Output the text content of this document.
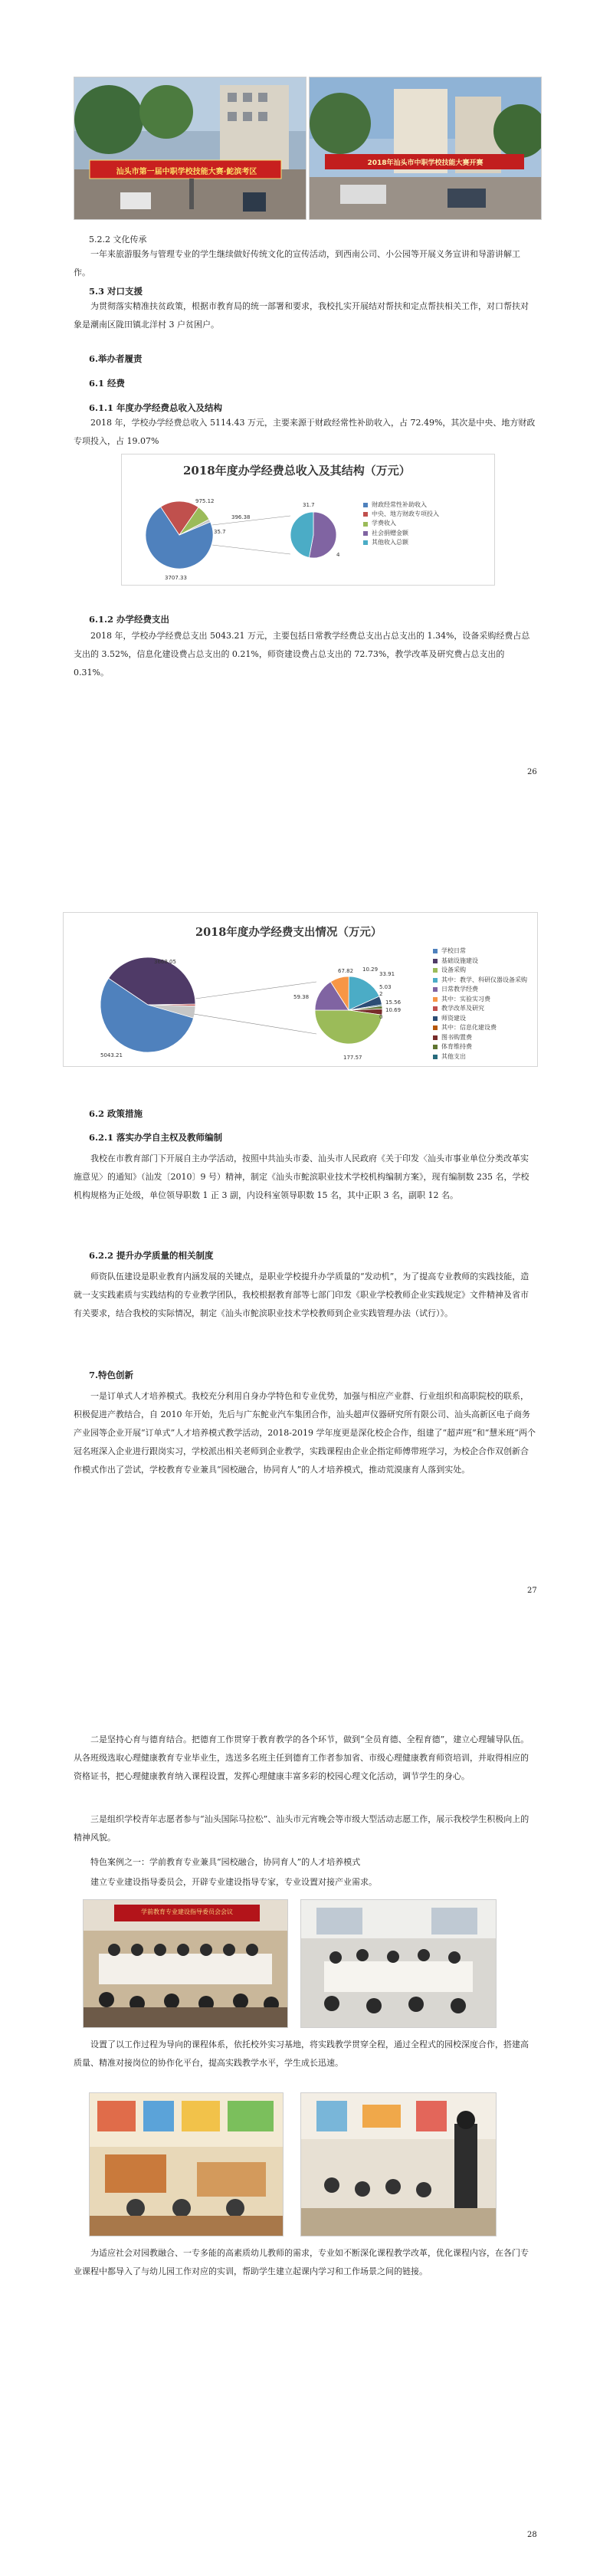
汕头市第一届中职学校技能大赛·鮀滨考区
2018年汕头市中职学校技能大赛开赛

5.2.2 文化传承

一年来旅游服务与管理专业的学生继续做好传统文化的宣传活动，到西南公司、小公园等开展义务宣讲和导游讲解工作。

5.3 对口支援

为贯彻落实精准扶贫政策，根据市教育局的统一部署和要求，我校扎实开展结对帮扶和定点帮扶相关工作，对口帮扶对象是潮南区陇田镇北洋村 3 户贫困户。

6.举办者履责

6.1 经费

6.1.1 年度办学经费总收入及结构

2018 年，学校办学经费总收入 5114.43 万元，主要来源于财政经常性补助收入，占 72.49%，其次是中央、地方财政专项投入，占 19.07%

2018年度办学经费总收入及其结构（万元）
3707.33
975.12
396.38
35.7
31.7
4
财政经常性补助收入
中央、地方财政专项投入
学费收入
社会捐赠金额
其他收入总额

6.1.2 办学经费支出

2018 年，学校办学经费总支出 5043.21 万元，主要包括日常教学经费总支出占总支出的 1.34%，设备采购经费占总支出的 3.52%，信息化建设费占总支出的 0.21%，师资建设费占总支出的 72.73%，教学改革及研究费占总支出的 0.31%。

26
2018年度办学经费支出情况（万元）
3668.05
5043.21
67.82 10.29
33.91
5.03
2
15.56
10.69
0
59.38
177.57
学校日常
基础设施建设
设备采购
其中：教学、科研仪器设备采购
日常教学经费
其中：实验实习费
教学改革及研究
师资建设
其中：信息化建设费
图书购置费
体育维持费
其他支出

6.2 政策措施

6.2.1 落实办学自主权及教师编制

我校在市教育部门下开展自主办学活动，按照中共汕头市委、汕头市人民政府《关于印发〈汕头市事业单位分类改革实施意见〉的通知》（汕发〔2010〕9 号）精神，制定《汕头市鮀滨职业技术学校机构编制方案》，现有编制数 235 名，学校机构规格为正处级，单位领导职数 1 正 3 副，内设科室领导职数 15 名，其中正职 3 名，副职 12 名。

6.2.2 提升办学质量的相关制度

师资队伍建设是职业教育内涵发展的关键点，是职业学校提升办学质量的“发动机”，为了提高专业教师的实践技能，造就一支实践素质与实践结构的专业教学团队，我校根据教育部等七部门印发《职业学校教师企业实践规定》文件精神及省市有关要求，结合我校的实际情况，制定《汕头市鮀滨职业技术学校教师到企业实践管理办法（试行）》。

7.特色创新

一是订单式人才培养模式。我校充分利用自身办学特色和专业优势，加强与相应产业群、行业组织和高职院校的联系，积极促进产教结合，自 2010 年开始，先后与广东鮀业汽车集团合作，汕头超声仪器研究所有限公司、汕头高新区电子商务产业园等企业开展“订单式”人才培养模式教学活动，2018-2019 学年度更是深化校企合作，组建了“超声班”和“慧米班”两个冠名班深入企业进行跟岗实习，学校派出相关老师到企业教学，实践课程由企业企指定师傅带班学习，为校企合作双创新合作模式作出了尝试，学校教育专业兼具“园校融合，协同育人”的人才培养模式，推动荒漠康育人落到实处。

27

二是坚持心育与德育结合。把德育工作贯穿于教育教学的各个环节，做到“全员育德、全程育德”，建立心理辅导队伍。从各班级选取心理健康教育专业毕业生，选送多名班主任到德育工作者参加省、市级心理健康教育师资培训，并取得相应的资格证书，把心理健康教育纳入课程设置，发挥心理健康丰富多彩的校园心理文化活动，调节学生的身心。

三是组织学校青年志愿者参与“汕头国际马拉松”、汕头市元宵晚会等市级大型活动志愿工作，展示我校学生积极向上的精神风貌。

特色案例之一：学前教育专业兼具“园校融合，协同育人”的人才培养模式

建立专业建设指导委员会，开辟专业建设指导专家，专业设置对接产业需求。

学前教育专业建设指导委员会会议

设置了以工作过程为导向的课程体系，依托校外实习基地，将实践教学贯穿全程，通过全程式的园校深度合作，搭建高质量、精准对接岗位的协作化平台，提高实践教学水平，学生成长迅速。

为适应社会对园教融合、一专多能的高素质幼儿教师的需求，专业如不断深化课程教学改革，优化课程内容，在各门专业课程中都导入了与幼儿园工作对应的实训，帮助学生建立起课内学习和工作场景之间的链接。

28
